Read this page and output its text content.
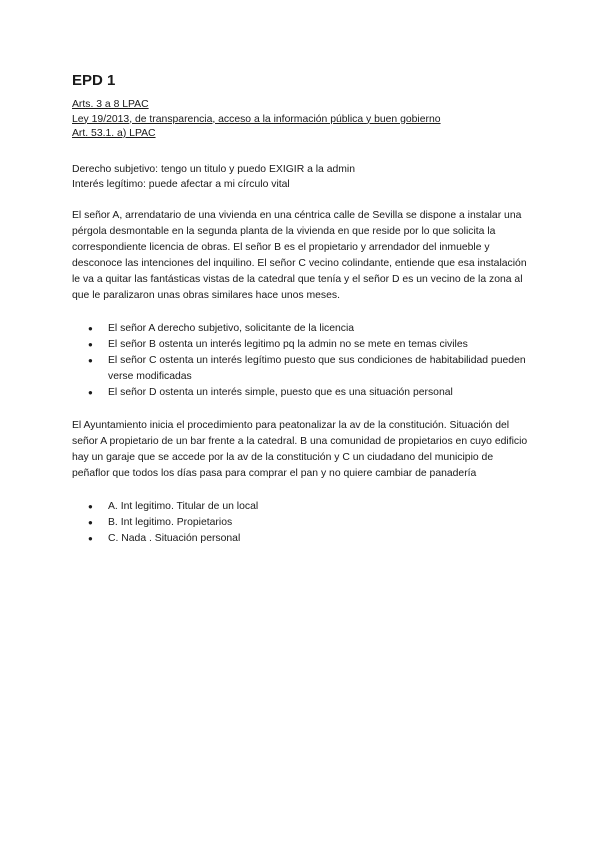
EPD 1
Arts. 3 a 8 LPAC
Ley 19/2013, de transparencia, acceso a la información pública y buen gobierno
Art. 53.1. a) LPAC

Derecho subjetivo: tengo un titulo y puedo EXIGIR a la admin

Interés legítimo: puede afectar a mi círculo vital

El señor A, arrendatario de una vivienda en una céntrica calle de Sevilla se dispone a instalar una pérgola desmontable en la segunda planta de la vivienda en que reside por lo que solicita la correspondiente licencia de obras. El señor B es el propietario y arrendador del inmueble y desconoce las intenciones del inquilino. El señor C vecino colindante, entiende que esa instalación le va a quitar las fantásticas vistas de la catedral que tenía y el señor D es un vecino de la zona al que le paralizaron unas obras similares hace unos meses.

● El señor A derecho subjetivo, solicitante de la licencia
● El señor B ostenta un interés legitimo pq la admin no se mete en temas civiles
● El señor C ostenta un interés legítimo puesto que sus condiciones de habitabilidad pueden verse modificadas
● El señor D ostenta un interés simple, puesto que es una situación personal

El Ayuntamiento inicia el procedimiento para peatonalizar la av de la constitución. Situación del señor A propietario de un bar frente a la catedral. B una comunidad de propietarios en cuyo edificio hay un garaje que se accede por la av de la constitución y C un ciudadano del municipio de peñaflor que todos los días pasa para comprar el pan y no quiere cambiar de panadería

● A. Int legitimo. Titular de un local
● B. Int legitimo. Propietarios
● C. Nada . Situación personal
